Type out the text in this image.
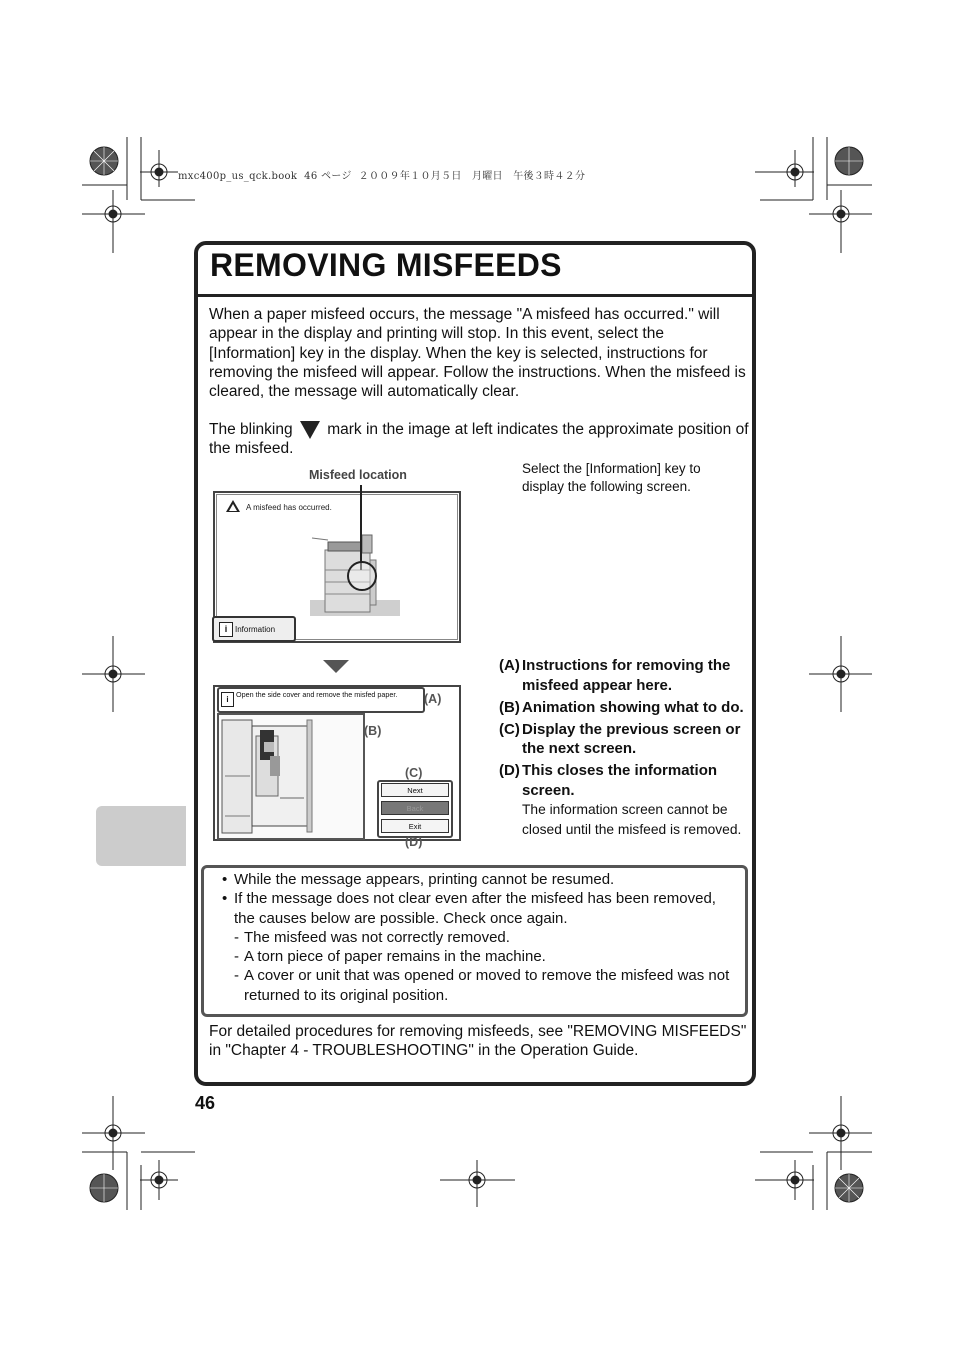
mxc400p_us_qck.book  46 ページ  ２００９年１０月５日　月曜日　午後３時４２分
REMOVING MISFEEDS
When a paper misfeed occurs, the message "A misfeed has occurred." will appear in the display and printing will stop. In this event, select the [Information] key in the display. When the key is selected, instructions for removing the misfeed will appear. Follow the instructions. When the misfeed is cleared, the message will automatically clear.
The blinking mark in the image at left indicates the approximate position of the misfeed.
Misfeed location	Select the [Information] key to display the following screen.
A misfeed has occurred.
i Information
i
Open the side cover and remove the misfed paper.
Next
Back
Exit
(A)
(B)
(C)
(D)
(A) Instructions for removing the misfeed appear here.
(B) Animation showing what to do.
(C) Display the previous screen or the next screen.
(D) This closes the information screen.
The information screen cannot be closed until the misfeed is removed.
• While the message appears, printing cannot be resumed.
• If the message does not clear even after the misfeed has been removed, the causes below are possible. Check once again.
- The misfeed was not correctly removed.
- A torn piece of paper remains in the machine.
- A cover or unit that was opened or moved to remove the misfeed was not returned to its original position.
For detailed procedures for removing misfeeds, see "REMOVING MISFEEDS" in "Chapter 4 - TROUBLESHOOTING" in the Operation Guide.
46
